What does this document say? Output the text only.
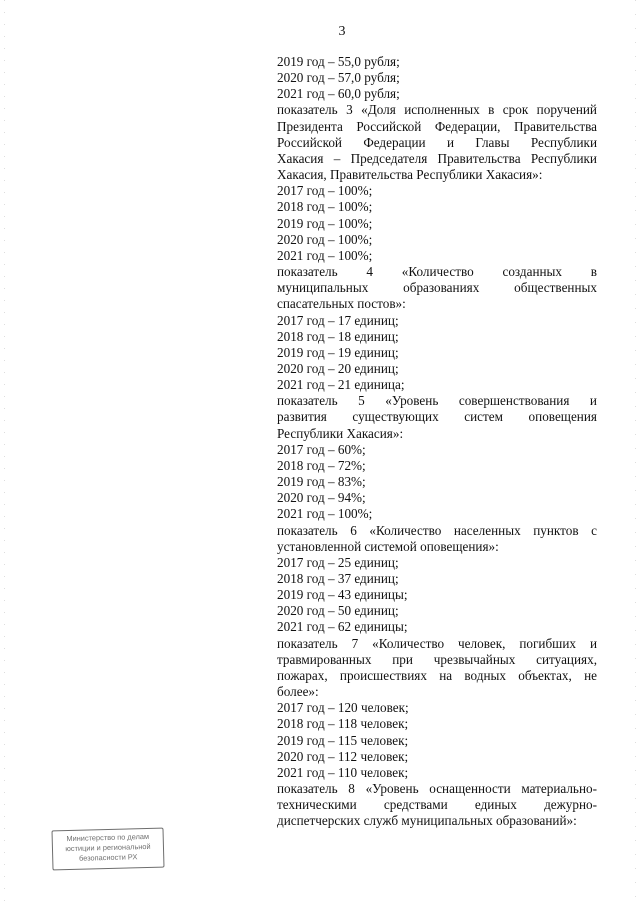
3

2019 год – 55,0 рубля;

2020 год – 57,0 рубля;

2021 год – 60,0 рубля;

показатель 3 «Доля исполненных в срок поручений

Президента Российской Федерации, Правительства

Российской Федерации и Главы Республики

Хакасия – Председателя Правительства Республики

Хакасия, Правительства Республики Хакасия»:

2017 год – 100%;

2018 год – 100%;

2019 год – 100%;

2020 год – 100%;

2021 год – 100%;

показатель 4 «Количество созданных в

муниципальных образованиях общественных

спасательных постов»:

2017 год – 17 единиц;

2018 год – 18 единиц;

2019 год – 19 единиц;

2020 год – 20 единиц;

2021 год – 21 единица;

показатель 5 «Уровень совершенствования и

развития существующих систем оповещения

Республики Хакасия»:

2017 год – 60%;

2018 год – 72%;

2019 год – 83%;

2020 год – 94%;

2021 год – 100%;

показатель 6 «Количество населенных пунктов с

установленной системой оповещения»:

2017 год – 25 единиц;

2018 год – 37 единиц;

2019 год – 43 единицы;

2020 год – 50 единиц;

2021 год – 62 единицы;

показатель 7 «Количество человек, погибших и

травмированных при чрезвычайных ситуациях,

пожарах, происшествиях на водных объектах, не

более»:

2017 год – 120 человек;

2018 год – 118 человек;

2019 год – 115 человек;

2020 год – 112 человек;

2021 год – 110 человек;

показатель 8 «Уровень оснащенности материально-

техническими средствами единых дежурно-

диспетчерских служб муниципальных образований»:

Министерство по делам
юстиции и региональной
безопасности РХ
